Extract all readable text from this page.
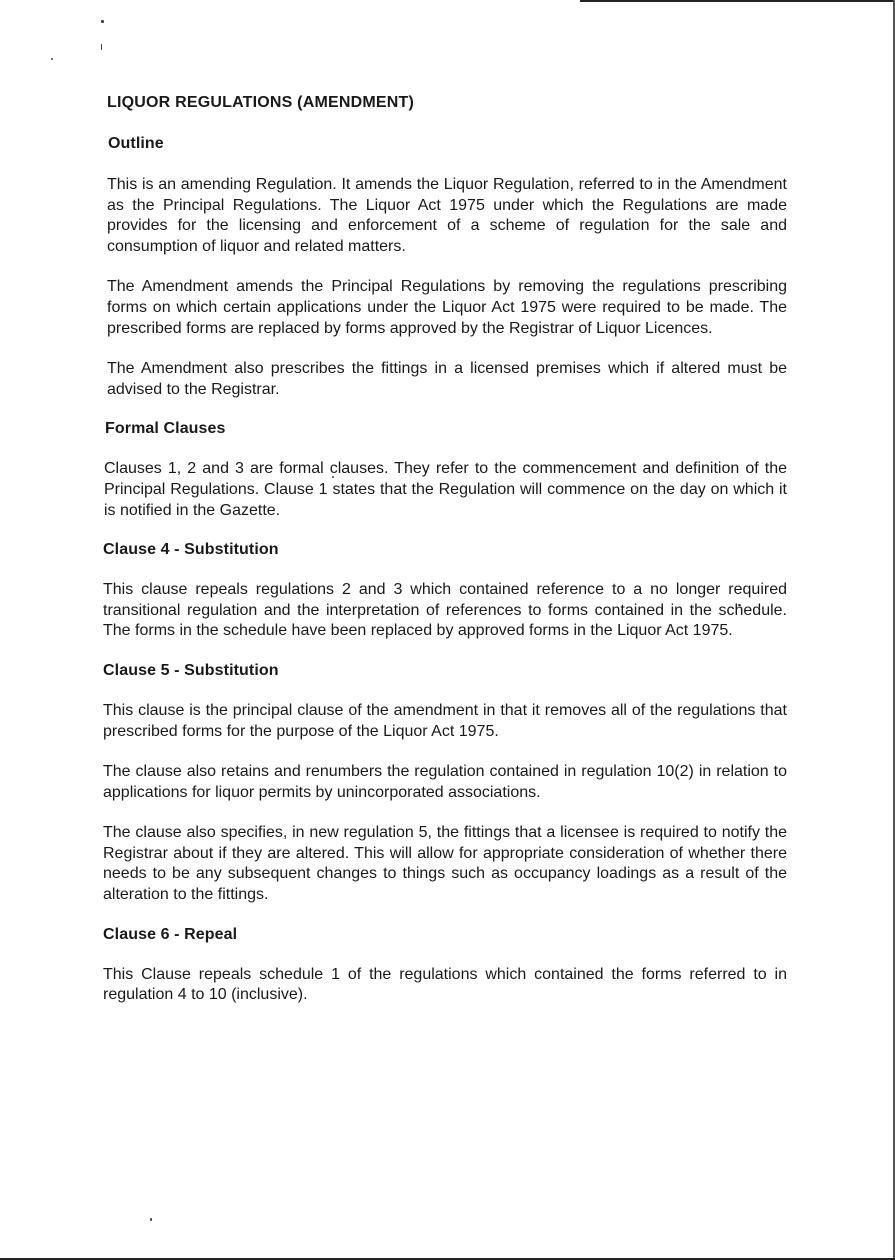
LIQUOR REGULATIONS (AMENDMENT)
Outline

This is an amending Regulation. It amends the Liquor Regulation, referred to in the Amendment as the Principal Regulations. The Liquor Act 1975 under which the Regulations are made provides for the licensing and enforcement of a scheme of regulation for the sale and consumption of liquor and related matters.

The Amendment amends the Principal Regulations by removing the regulations prescribing forms on which certain applications under the Liquor Act 1975 were required to be made. The prescribed forms are replaced by forms approved by the Registrar of Liquor Licences.

The Amendment also prescribes the fittings in a licensed premises which if altered must be advised to the Registrar.

Formal Clauses

Clauses 1, 2 and 3 are formal clauses. They refer to the commencement and definition of the Principal Regulations. Clause 1 states that the Regulation will commence on the day on which it is notified in the Gazette.

Clause 4 - Substitution

This clause repeals regulations 2 and 3 which contained reference to a no longer required transitional regulation and the interpretation of references to forms contained in the schedule. The forms in the schedule have been replaced by approved forms in the Liquor Act 1975.

Clause 5 - Substitution

This clause is the principal clause of the amendment in that it removes all of the regulations that prescribed forms for the purpose of the Liquor Act 1975.

The clause also retains and renumbers the regulation contained in regulation 10(2) in relation to applications for liquor permits by unincorporated associations.

The clause also specifies, in new regulation 5, the fittings that a licensee is required to notify the Registrar about if they are altered. This will allow for appropriate consideration of whether there needs to be any subsequent changes to things such as occupancy loadings as a result of the alteration to the fittings.

Clause 6 - Repeal

This Clause repeals schedule 1 of the regulations which contained the forms referred to in regulation 4 to 10 (inclusive).
